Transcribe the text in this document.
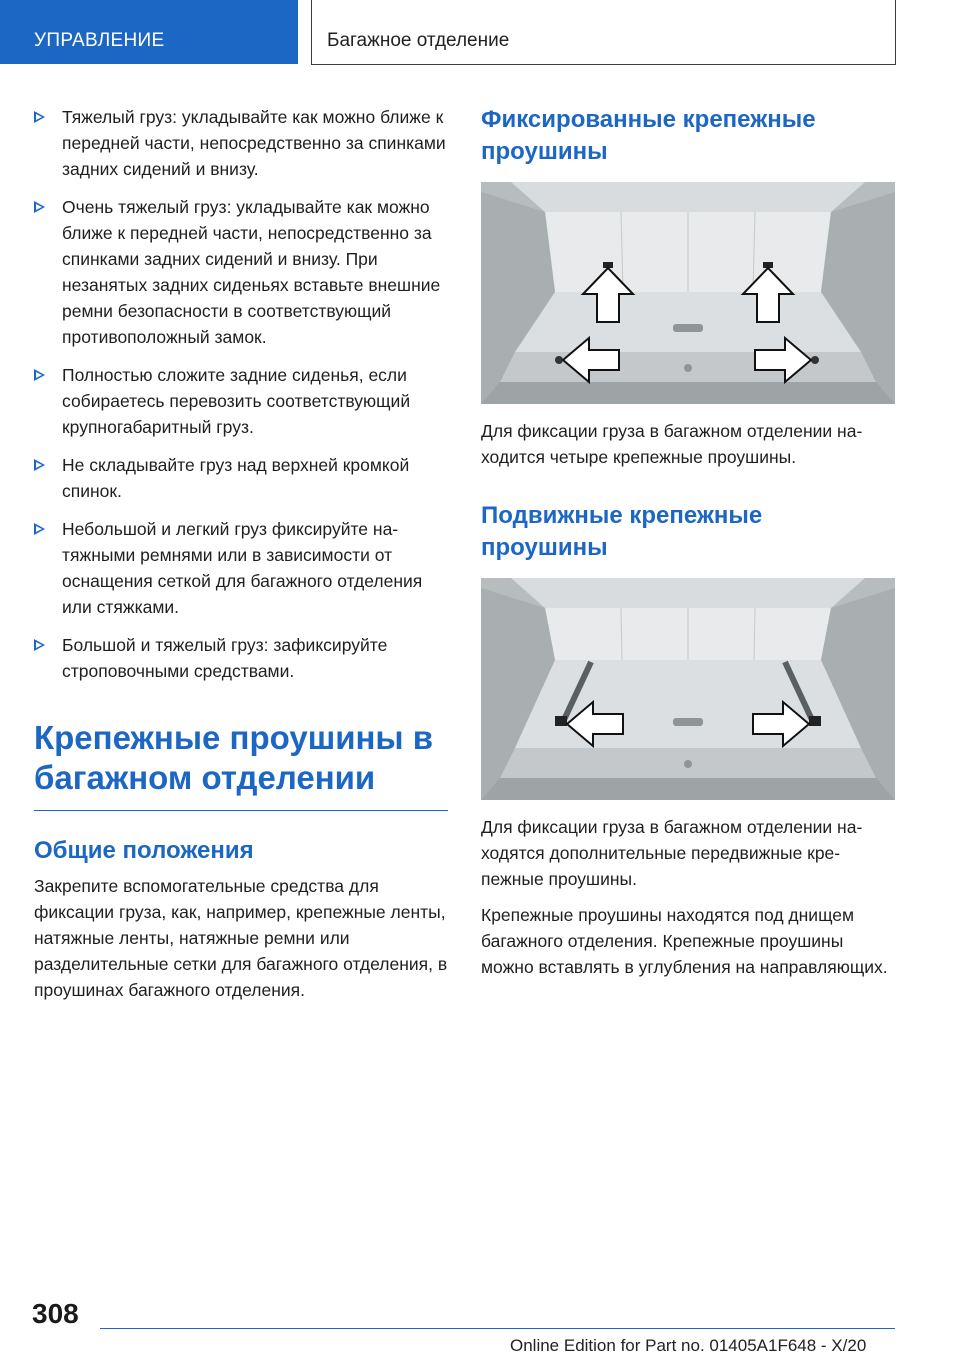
УПРАВЛЕНИЕ	Багажное отделение
Тяжелый груз: укладывайте как можно ближе к передней части, непосредственно за спинками задних сидений и внизу.
Очень тяжелый груз: укладывайте как можно ближе к передней части, непосредственно за спинками задних сидений и внизу. При незанятых задних сиденьях вставьте внешние ремни безопасности в соответствующий противоположный замок.
Полностью сложите задние сиденья, если собираетесь перевозить соответствующий крупногабаритный груз.
Не складывайте груз над верхней кромкой спинок.
Небольшой и легкий груз фиксируйте натяжными ремнями или в зависимости от оснащения сеткой для багажного отделения или стяжками.
Большой и тяжелый груз: зафиксируйте строповочными средствами.
Крепежные проушины в багажном отделении
Общие положения

Закрепите вспомогательные средства для фиксации груза, как, например, крепежные ленты, натяжные ленты, натяжные ремни или разделительные сетки для багажного отделения, в проушинах багажного отделения.

Фиксированные крепежные проушины

Для фиксации груза в багажном отделении находится четыре крепежные проушины.

Подвижные крепежные проушины

Для фиксации груза в багажном отделении находятся дополнительные передвижные крепежные проушины.

Крепежные проушины находятся под днищем багажного отделения. Крепежные проушины можно вставлять в углубления на направляющих.

308
Online Edition for Part no. 01405A1F648 - X/20
